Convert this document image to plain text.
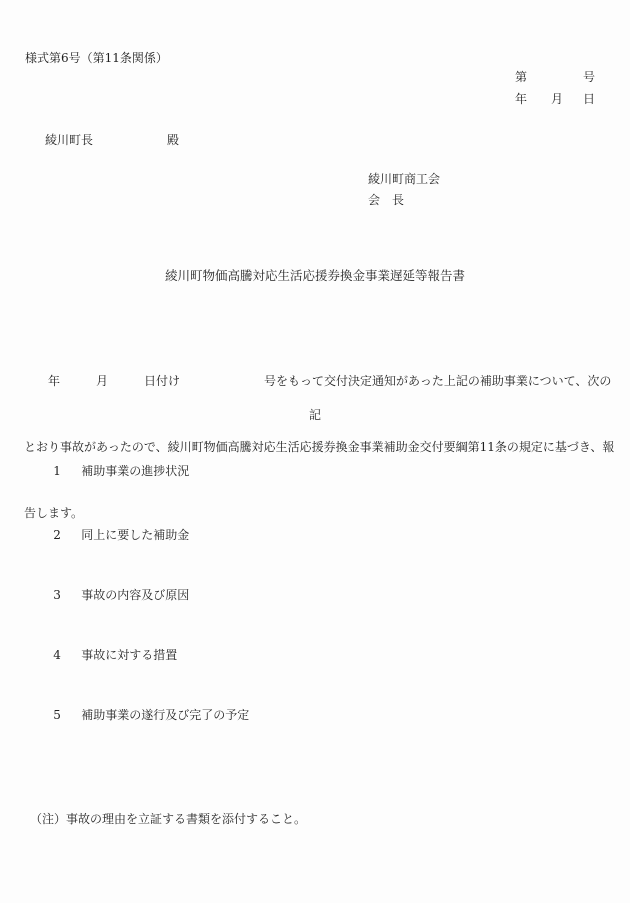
様式第6号（第11条関係）
第	号
年 月 日
綾川町長	殿
綾川町商工会
会　長
綾川町物価高騰対応生活応援券換金事業遅延等報告書

　　年　　　月　　　日付け　　　　　　　号をもって交付決定通知があった上記の補助事業について、次の

とおり事故があったので、綾川町物価高騰対応生活応援券換金事業補助金交付要綱第11条の規定に基づき、報

告します。

記

1 補助事業の進捗状況

2 同上に要した補助金

3 事故の内容及び原因

4 事故に対する措置

5 補助事業の遂行及び完了の予定

（注）事故の理由を立証する書類を添付すること。
